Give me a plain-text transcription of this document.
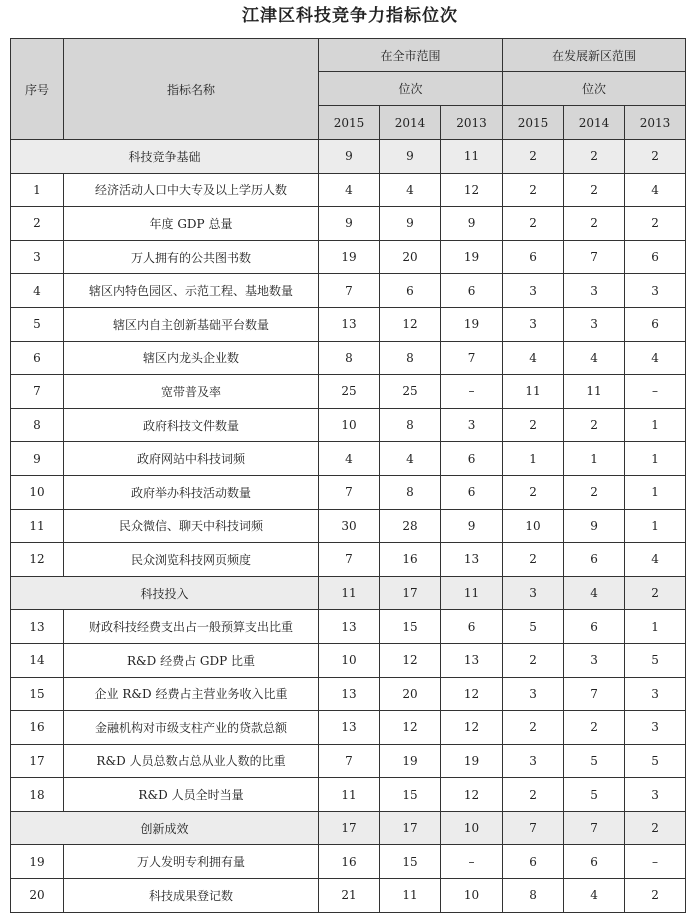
江津区科技竞争力指标位次
序号	指标名称	在全市范围			在发展新区范围		
		位次			位次		
		2015	2014	2013	2015	2014	2013
科技竞争基础		9	9	11	2	2	2
1	经济活动人口中大专及以上学历人数	4	4	12	2	2	4
2	年度 GDP 总量	9	9	9	2	2	2
3	万人拥有的公共图书数	19	20	19	6	7	6
4	辖区内特色园区、示范工程、基地数量	7	6	6	3	3	3
5	辖区内自主创新基础平台数量	13	12	19	3	3	6
6	辖区内龙头企业数	8	8	7	4	4	4
7	宽带普及率	25	25	–	11	11	–
8	政府科技文件数量	10	8	3	2	2	1
9	政府网站中科技词频	4	4	6	1	1	1
10	政府举办科技活动数量	7	8	6	2	2	1
11	民众微信、聊天中科技词频	30	28	9	10	9	1
12	民众浏览科技网页频度	7	16	13	2	6	4
科技投入		11	17	11	3	4	2
13	财政科技经费支出占一般预算支出比重	13	15	6	5	6	1
14	R&D 经费占 GDP 比重	10	12	13	2	3	5
15	企业 R&D 经费占主营业务收入比重	13	20	12	3	7	3
16	金融机构对市级支柱产业的贷款总额	13	12	12	2	2	3
17	R&D 人员总数占总从业人数的比重	7	19	19	3	5	5
18	R&D 人员全时当量	11	15	12	2	5	3
创新成效		17	17	10	7	7	2
19	万人发明专利拥有量	16	15	–	6	6	–
20	科技成果登记数	21	11	10	8	4	2
